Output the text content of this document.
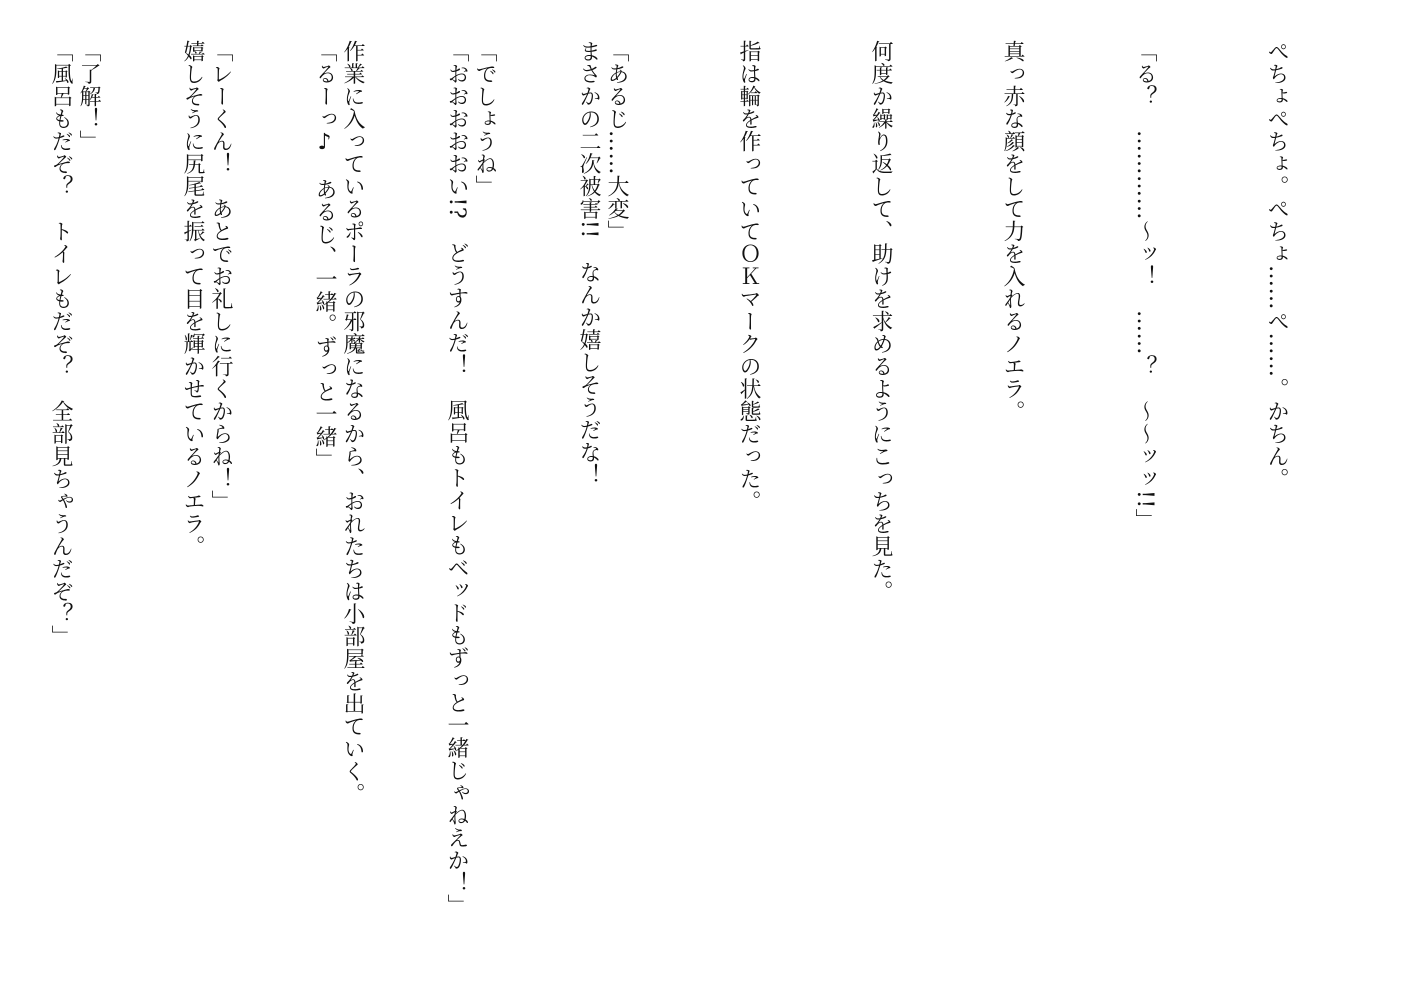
ぺちょぺちょ。ぺちょ……ぺ……。かちん。

「る？　…………～ッ！　……？　～～ッッ!!」

真っ赤な顔をして力を入れるノエラ。

何度か繰り返して、助けを求めるようにこっちを見た。

指は輪を作っていてＯＫマークの状態だった。

「あるじ……大変」

「でしょうね」

作業に入っているポーラの邪魔になるから、おれたちは小部屋を出ていく。

「レーくん！　あとでお礼しに行くからね！」

「了解！」

	まさかの二次被害!!　なんか嬉しそうだな！

「おおおおおい!?　どうすんだ！　風呂もトイレもベッドもずっと一緒じゃねえか！」

「るーっ♪　あるじ、一緒。ずっと一緒」

嬉しそうに尻尾を振って目を輝かせているノエラ。

「風呂もだぞ？　トイレもだぞ？　全部見ちゃうんだぞ？」
